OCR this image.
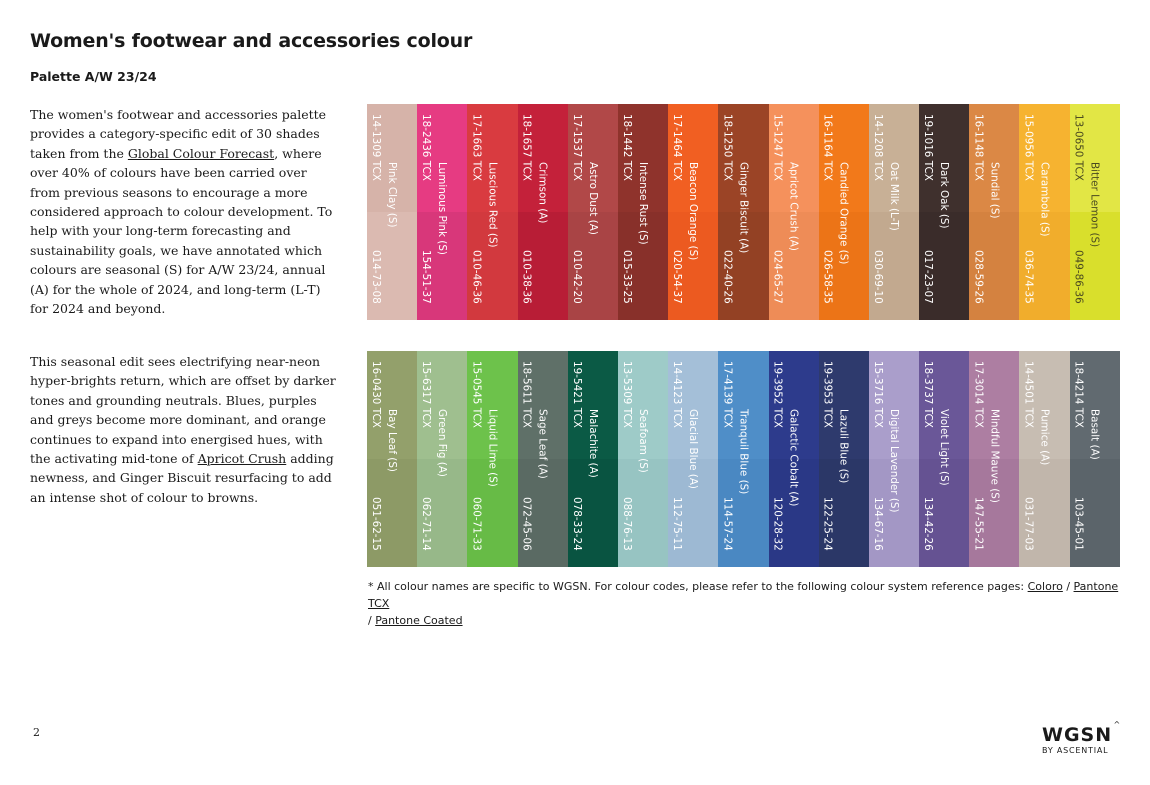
Women's footwear and accessories colour
Palette A/W 23/24

The women's footwear and accessories palette provides a category-specific edit of 30 shades taken from the Global Colour Forecast, where over 40% of colours have been carried over from previous seasons to encourage a more considered approach to colour development. To help with your long-term forecasting and sustainability goals, we have annotated which colours are seasonal (S) for A/W 23/24, annual (A) for the whole of 2024, and long-term (L-T) for 2024 and beyond.

This seasonal edit sees electrifying near-neon hyper-brights return, which are offset by darker tones and grounding neutrals. Blues, purples and greys become more dominant, and orange continues to expand into energised hues, with the activating mid-tone of Apricot Crush adding newness, and Ginger Biscuit resurfacing to add an intense shot of colour to browns.

14-1309 TCX
Pink Clay (S)
014-73-08
18-2436 TCX
Luminous Pink (S)
154-51-37
17-1663 TCX
Luscious Red (S)
010-46-36
18-1657 TCX
Crimson (A)
010-38-36
17-1537 TCX
Astro Dust (A)
010-42-20
18-1442 TCX
Intense Rust (S)
015-33-25
17-1464 TCX
Beacon Orange (S)
020-54-37
18-1250 TCX
Ginger Biscuit (A)
022-40-26
15-1247 TCX
Apricot Crush (A)
024-65-27
16-1164 TCX
Candied Orange (S)
026-58-35
14-1208 TCX
Oat Milk (L-T)
030-69-10
19-1016 TCX
Dark Oak (S)
017-23-07
16-1148 TCX
Sundial (S)
028-59-26
15-0956 TCX
Carambola (S)
036-74-35
13-0650 TCX
Bitter Lemon (S)
049-86-36
16-0430 TCX
Bay Leaf (S)
051-62-15
15-6317 TCX
Green Fig (A)
062-71-14
15-0545 TCX
Liquid Lime (S)
060-71-33
18-5611 TCX
Sage Leaf (A)
072-45-06
19-5421 TCX
Malachite (A)
078-33-24
13-5309 TCX
Seafoam (S)
088-76-13
14-4123 TCX
Glacial Blue (A)
112-75-11
17-4139 TCX
Tranquil Blue (S)
114-57-24
19-3952 TCX
Galactic Cobalt (A)
120-28-32
19-3953 TCX
Lazuli Blue (S)
122-25-24
15-3716 TCX
Digital Lavender (S)
134-67-16
18-3737 TCX
Violet Light (S)
134-42-26
17-3014 TCX
Mindful Mauve (S)
147-55-21
14-4501 TCX
Pumice (A)
031-77-03
18-4214 TCX
Basalt (A)
103-45-01

* All colour names are specific to WGSN. For colour codes, please refer to the following colour system reference pages: Coloro / Pantone TCX
/ Pantone Coated

2	WGSN ^
BY ASCENTIAL
